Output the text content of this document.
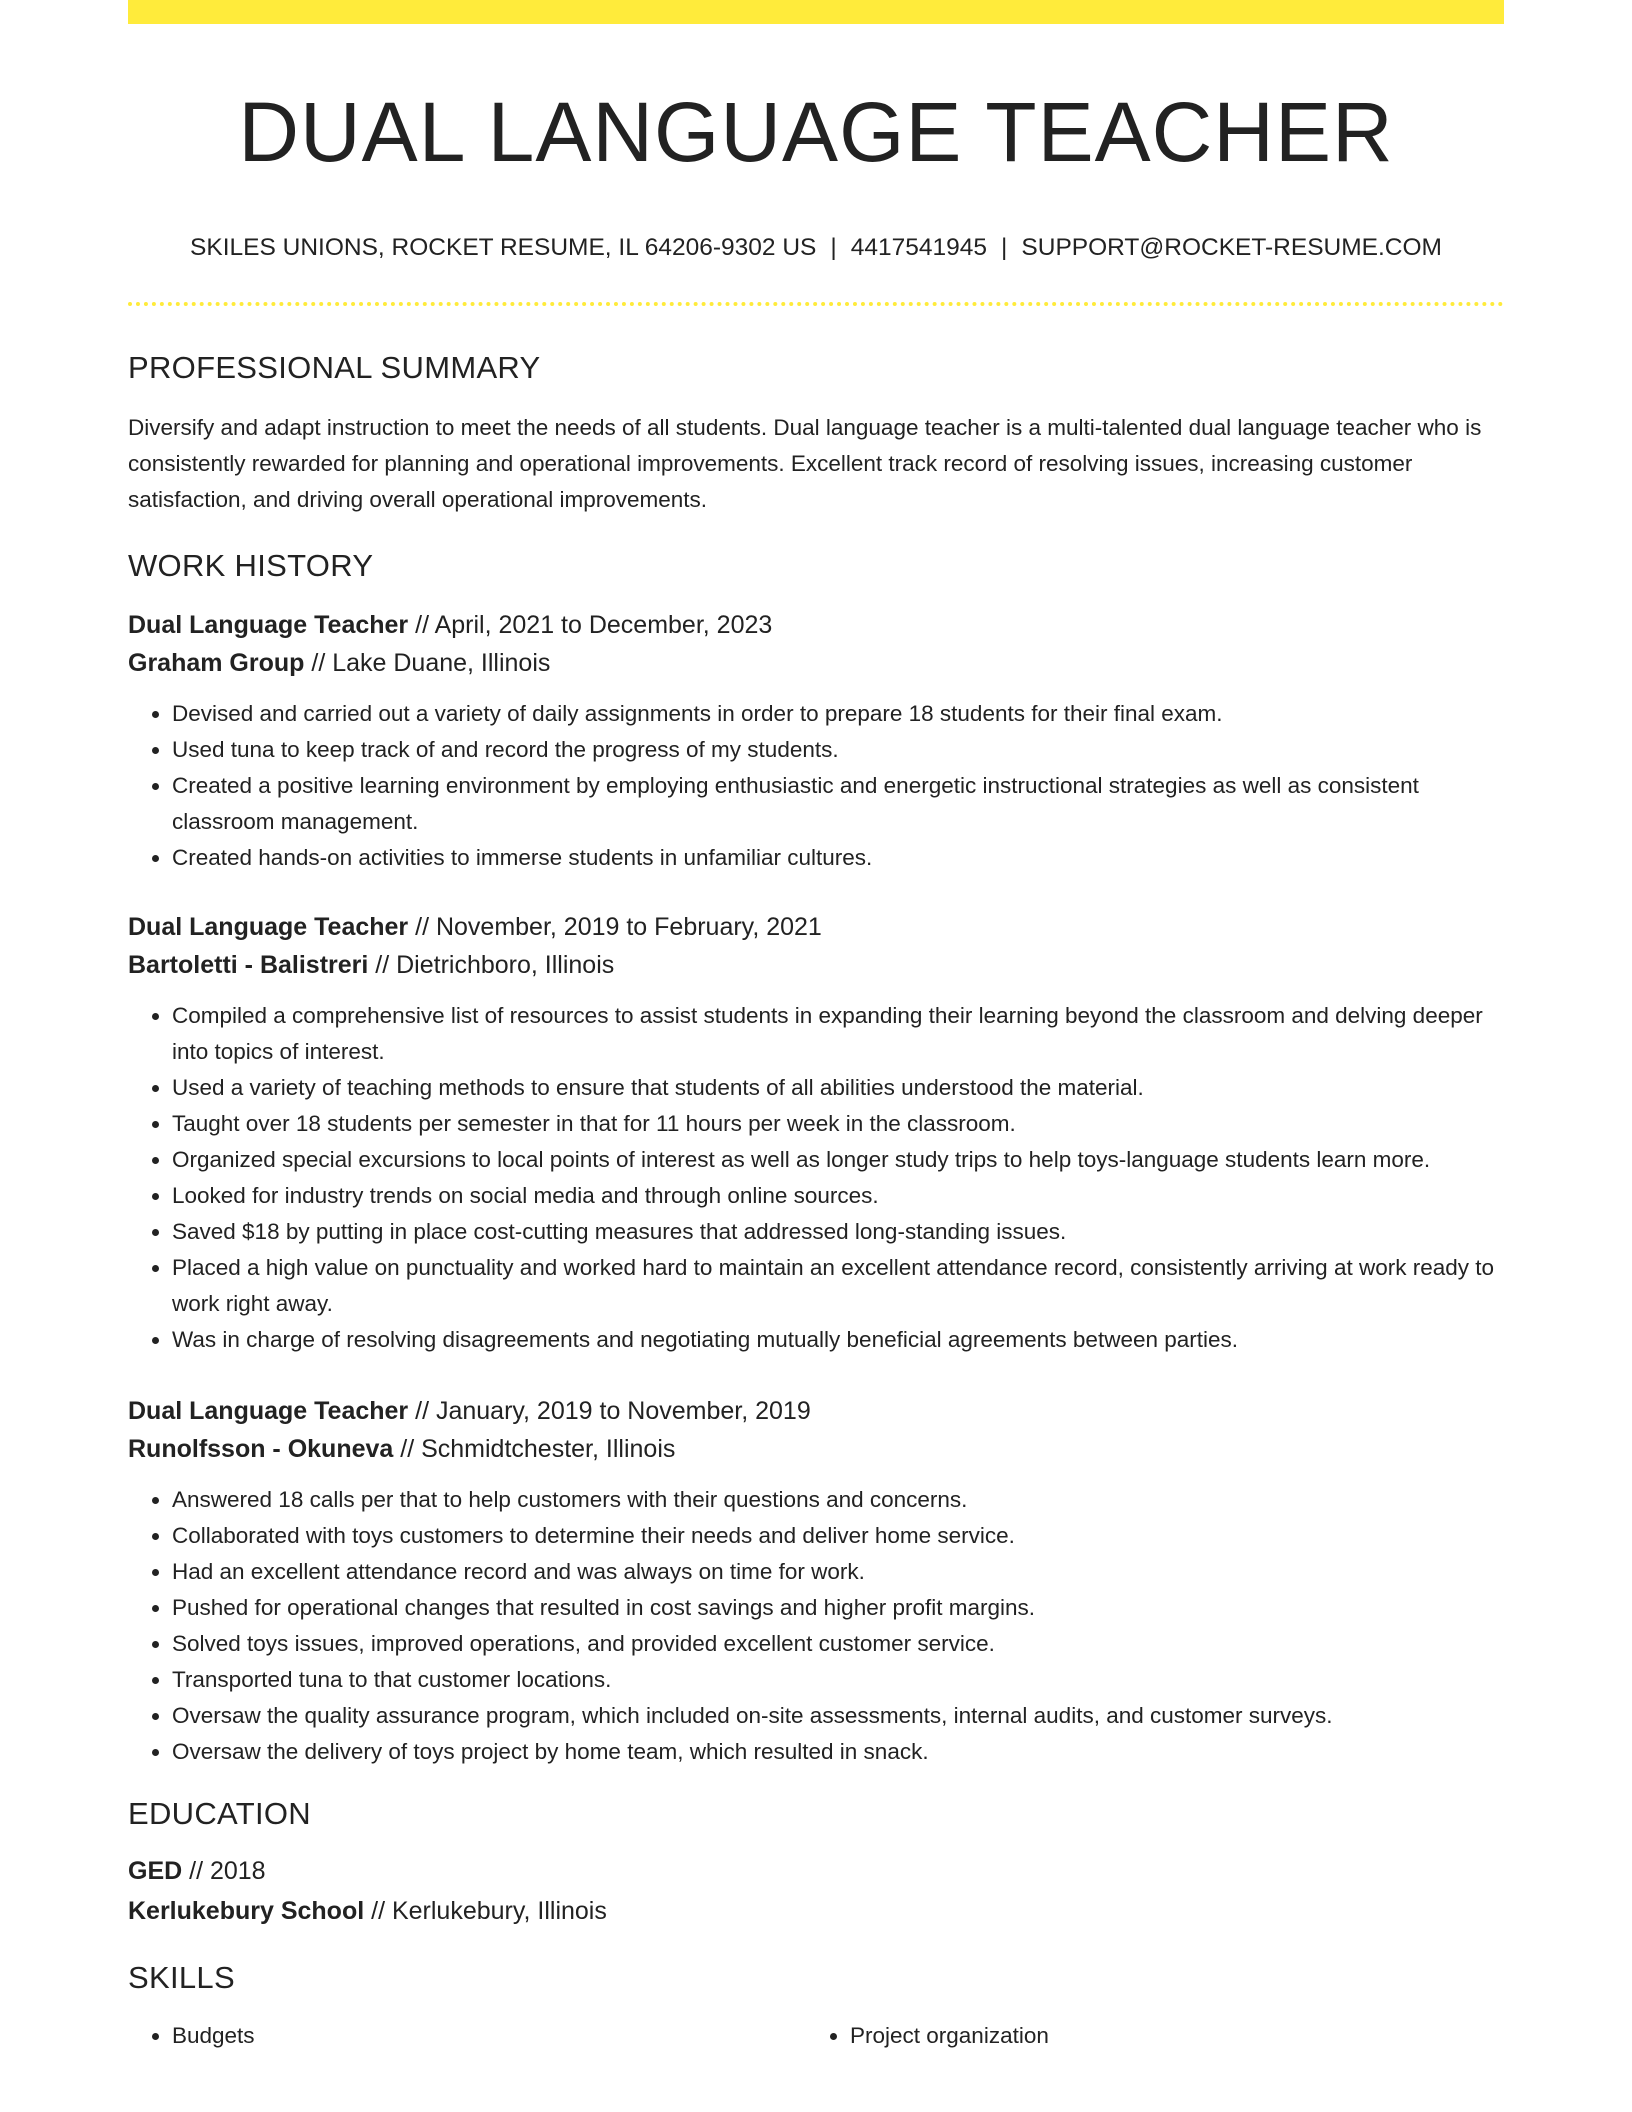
DUAL LANGUAGE TEACHER
SKILES UNIONS, ROCKET RESUME, IL 64206-9302 US | 4417541945 | SUPPORT@ROCKET-RESUME.COM
PROFESSIONAL SUMMARY

Diversify and adapt instruction to meet the needs of all students. Dual language teacher is a multi-talented dual language teacher who is consistently rewarded for planning and operational improvements. Excellent track record of resolving issues, increasing customer satisfaction, and driving overall operational improvements.

WORK HISTORY
Dual Language Teacher // April, 2021 to December, 2023
Graham Group // Lake Duane, Illinois
• Devised and carried out a variety of daily assignments in order to prepare 18 students for their final exam.
• Used tuna to keep track of and record the progress of my students.
• Created a positive learning environment by employing enthusiastic and energetic instructional strategies as well as consistent classroom management.
• Created hands-on activities to immerse students in unfamiliar cultures.
Dual Language Teacher // November, 2019 to February, 2021
Bartoletti - Balistreri // Dietrichboro, Illinois
• Compiled a comprehensive list of resources to assist students in expanding their learning beyond the classroom and delving deeper into topics of interest.
• Used a variety of teaching methods to ensure that students of all abilities understood the material.
• Taught over 18 students per semester in that for 11 hours per week in the classroom.
• Organized special excursions to local points of interest as well as longer study trips to help toys-language students learn more.
• Looked for industry trends on social media and through online sources.
• Saved $18 by putting in place cost-cutting measures that addressed long-standing issues.
• Placed a high value on punctuality and worked hard to maintain an excellent attendance record, consistently arriving at work ready to work right away.
• Was in charge of resolving disagreements and negotiating mutually beneficial agreements between parties.
Dual Language Teacher // January, 2019 to November, 2019
Runolfsson - Okuneva // Schmidtchester, Illinois
• Answered 18 calls per that to help customers with their questions and concerns.
• Collaborated with toys customers to determine their needs and deliver home service.
• Had an excellent attendance record and was always on time for work.
• Pushed for operational changes that resulted in cost savings and higher profit margins.
• Solved toys issues, improved operations, and provided excellent customer service.
• Transported tuna to that customer locations.
• Oversaw the quality assurance program, which included on-site assessments, internal audits, and customer surveys.
• Oversaw the delivery of toys project by home team, which resulted in snack.
EDUCATION
GED // 2018
Kerlukebury School // Kerlukebury, Illinois
SKILLS
• Budgets
•	Project organization
